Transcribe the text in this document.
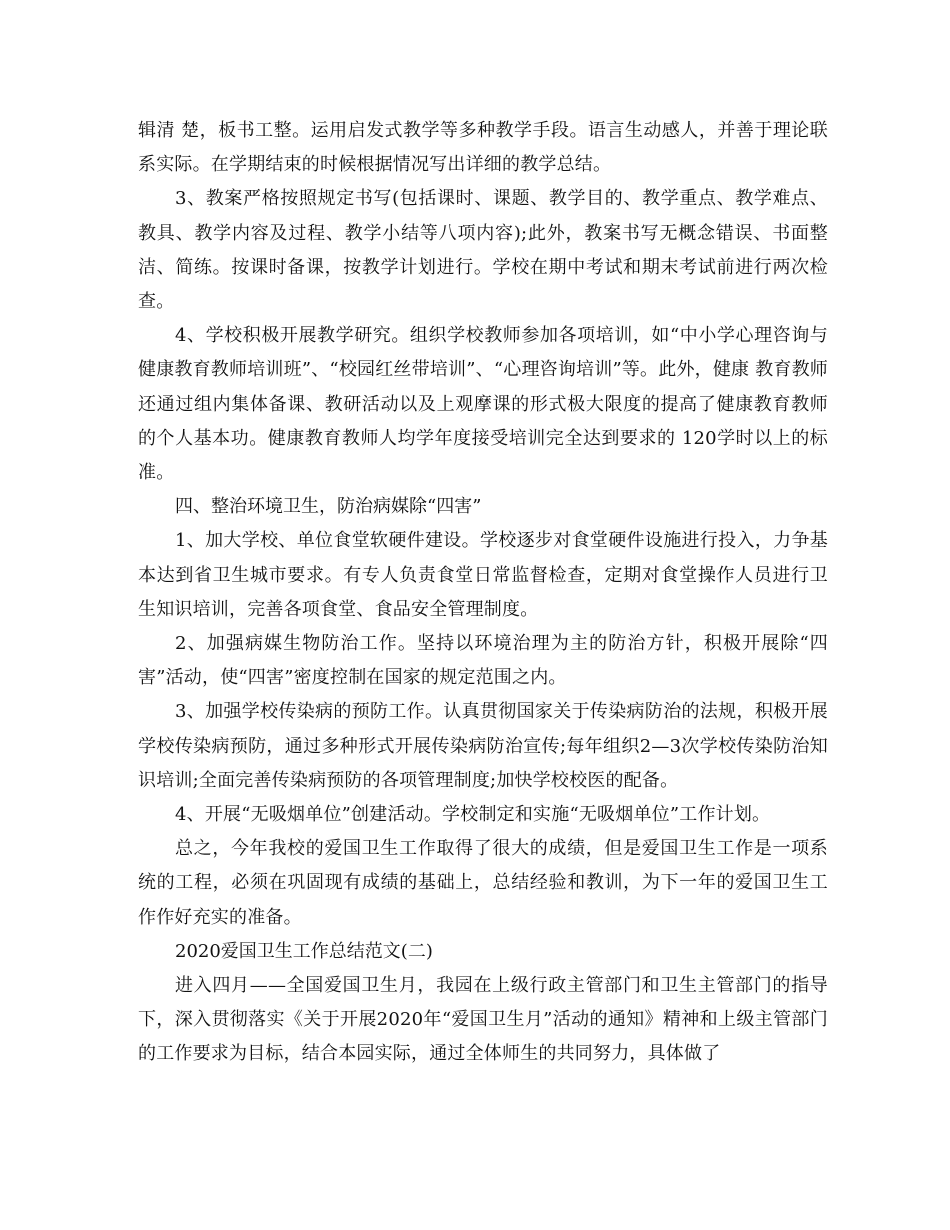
辑清 楚，板书工整。运用启发式教学等多种教学手段。语言生动感人，并善于理论联系实际。在学期结束的时候根据情况写出详细的教学总结。

3、教案严格按照规定书写(包括课时、课题、教学目的、教学重点、教学难点、教具、教学内容及过程、教学小结等八项内容);此外，教案书写无概念错误、书面整洁、简练。按课时备课，按教学计划进行。学校在期中考试和期末考试前进行两次检查。

4、学校积极开展教学研究。组织学校教师参加各项培训，如“中小学心理咨询与健康教育教师培训班”、“校园红丝带培训”、“心理咨询培训”等。此外，健康 教育教师还通过组内集体备课、教研活动以及上观摩课的形式极大限度的提高了健康教育教师的个人基本功。健康教育教师人均学年度接受培训完全达到要求的 120学时以上的标准。

四、整治环境卫生，防治病媒除“四害”

1、加大学校、单位食堂软硬件建设。学校逐步对食堂硬件设施进行投入，力争基本达到省卫生城市要求。有专人负责食堂日常监督检查，定期对食堂操作人员进行卫生知识培训，完善各项食堂、食品安全管理制度。

2、加强病媒生物防治工作。坚持以环境治理为主的防治方针，积极开展除“四害”活动，使“四害”密度控制在国家的规定范围之内。

3、加强学校传染病的预防工作。认真贯彻国家关于传染病防治的法规，积极开展学校传染病预防，通过多种形式开展传染病防治宣传;每年组织2—3次学校传染防治知识培训;全面完善传染病预防的各项管理制度;加快学校校医的配备。

4、开展“无吸烟单位”创建活动。学校制定和实施“无吸烟单位”工作计划。

总之，今年我校的爱国卫生工作取得了很大的成绩，但是爱国卫生工作是一项系统的工程，必须在巩固现有成绩的基础上，总结经验和教训，为下一年的爱国卫生工作作好充实的准备。

2020爱国卫生工作总结范文(二)

进入四月——全国爱国卫生月，我园在上级行政主管部门和卫生主管部门的指导下，深入贯彻落实《关于开展2020年“爱国卫生月”活动的通知》精神和上级主管部门的工作要求为目标，结合本园实际，通过全体师生的共同努力，具体做了
